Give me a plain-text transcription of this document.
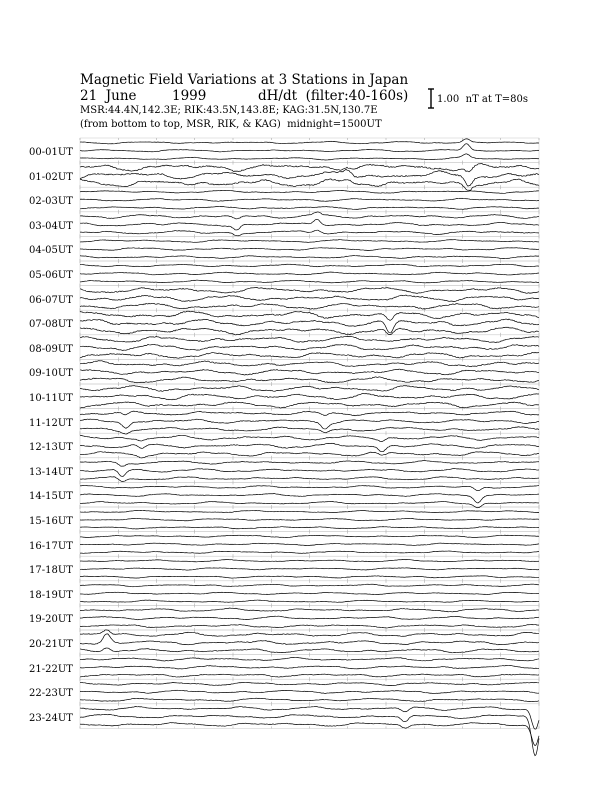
Magnetic Field Variations at 3 Stations in Japan

21  June

	1999

	dH/dt  (filter:40-160s)

MSR:44.4N,142.3E; RIK:43.5N,143.8E; KAG:31.5N,130.7E
(from bottom to top, MSR, RIK, & KAG)  midnight=1500UT
1.00  nT at T=80s
00-01UT
01-02UT
02-03UT
03-04UT
04-05UT
05-06UT
06-07UT
07-08UT
08-09UT
09-10UT
10-11UT
11-12UT
12-13UT
13-14UT
14-15UT
15-16UT
16-17UT
17-18UT
18-19UT
19-20UT
20-21UT
21-22UT
22-23UT
23-24UT
